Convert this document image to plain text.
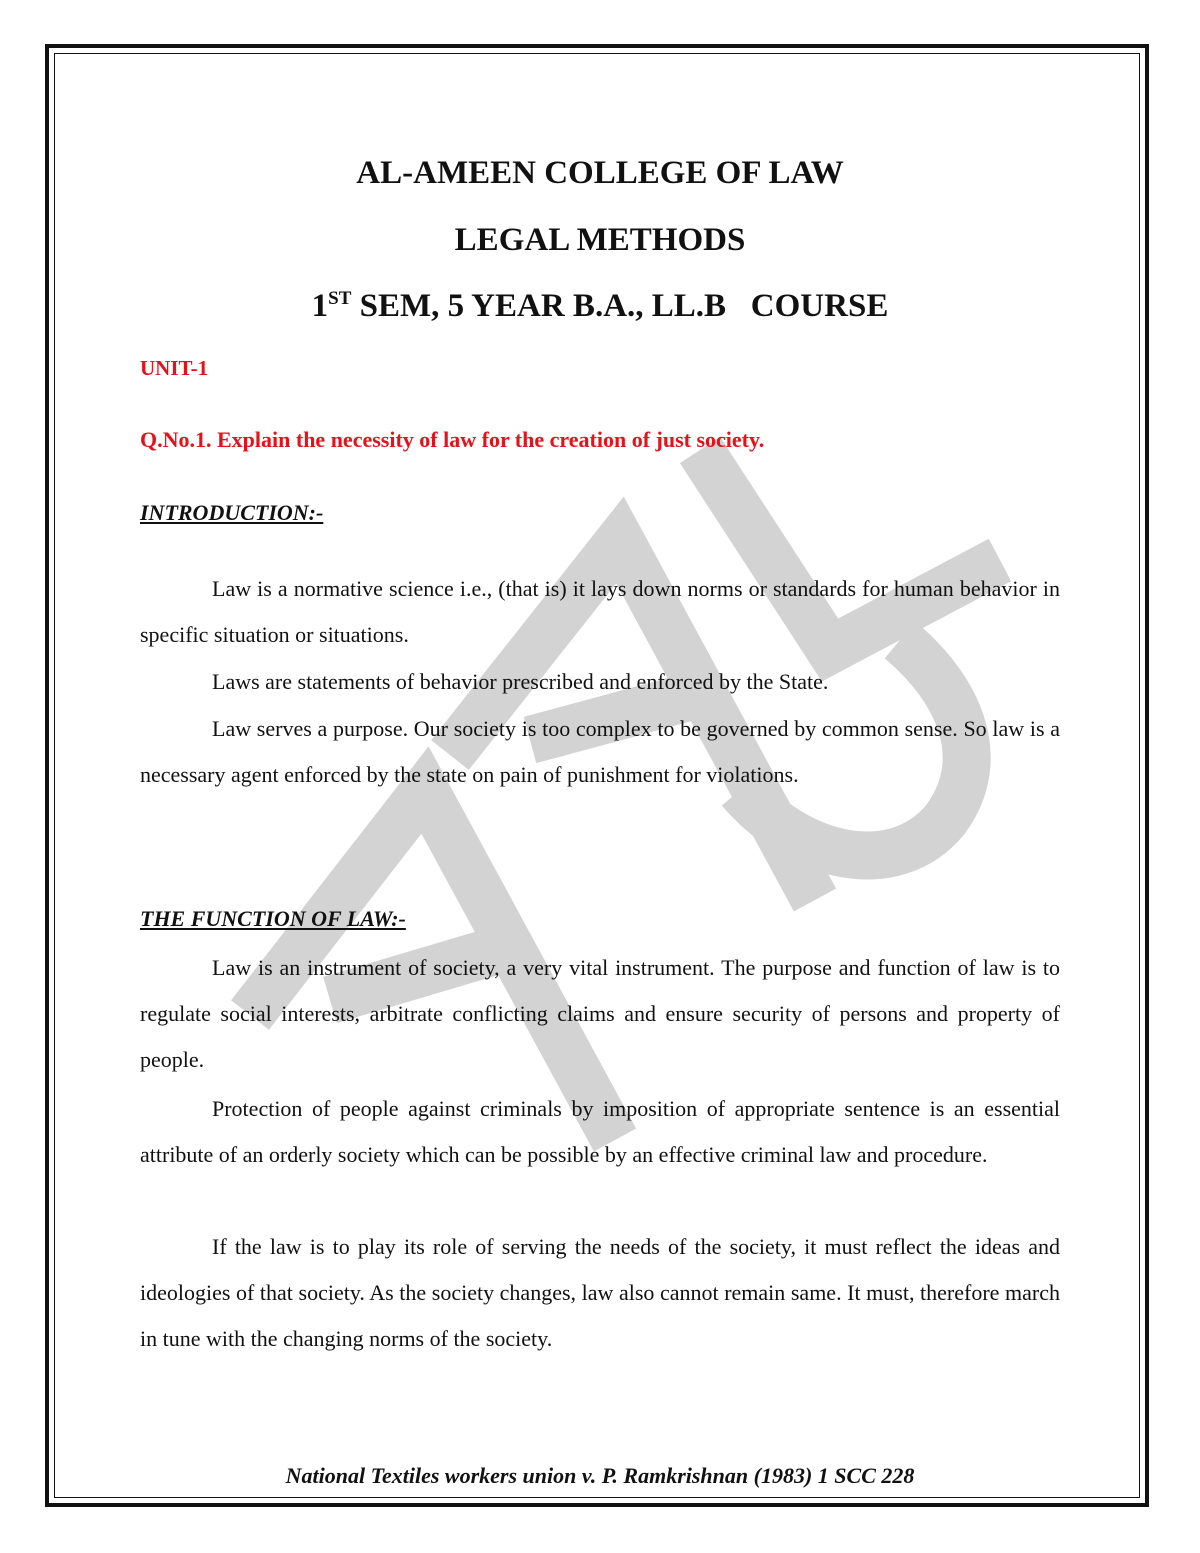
AL-AMEEN COLLEGE OF LAW

LEGAL METHODS

1ST SEM, 5 YEAR B.A., LL.B   COURSE

UNIT-1

Q.No.1. Explain the necessity of law for the creation of just society.

INTRODUCTION:-

Law is a normative science i.e., (that is) it lays down norms or standards for human behavior in specific situation or situations.

Laws are statements of behavior prescribed and enforced by the State.

Law serves a purpose. Our society is too complex to be governed by common sense. So law is a necessary agent enforced by the state on pain of punishment for violations.

THE FUNCTION OF LAW:-

Law is an instrument of society, a very vital instrument. The purpose and function of law is to regulate social interests, arbitrate conflicting claims and ensure security of persons and property of people.

Protection of people against criminals by imposition of appropriate sentence is an essential attribute of an orderly society which can be possible by an effective criminal law and procedure.

If the law is to play its role of serving the needs of the society, it must reflect the ideas and ideologies of that society. As the society changes, law also cannot remain same. It must, therefore march in tune with the changing norms of the society.

National Textiles workers union v. P. Ramkrishnan (1983) 1 SCC 228
